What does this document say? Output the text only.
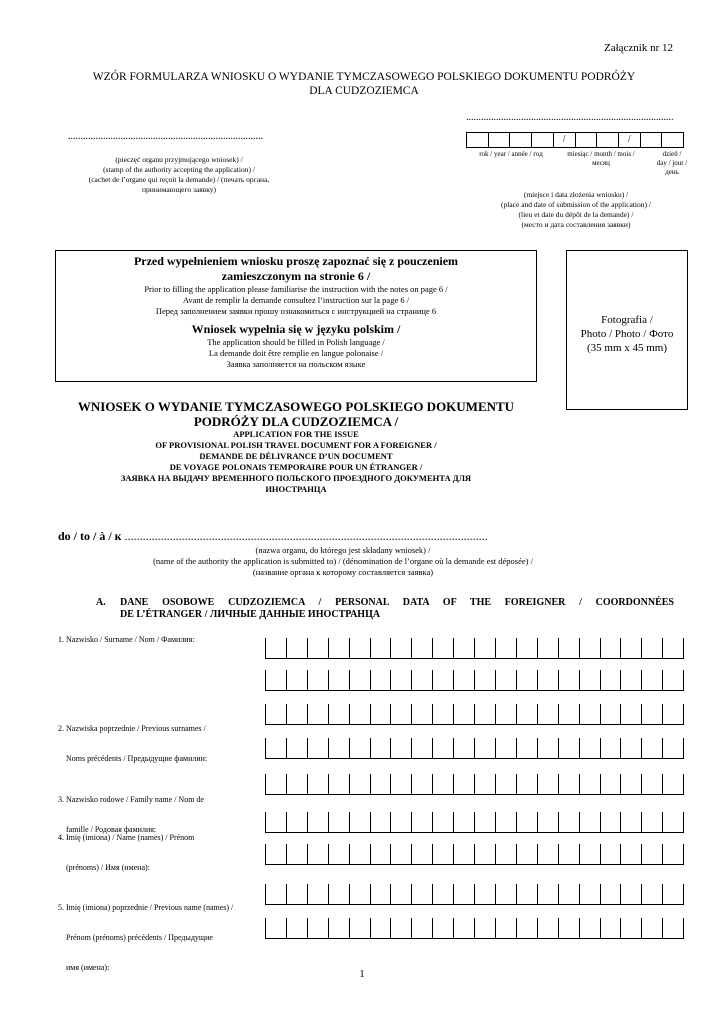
Załącznik nr 12
WZÓR FORMULARZA WNIOSKU O WYDANIE TYMCZASOWEGO POLSKIEGO DOKUMENTU PODRÓŻY
DLA CUDZOZIEMCA
..............................................................................
(pieczęć organu przyjmującego wniosek) /
(stamp of the authority accepting the application) /
(cachet de l’organe qui reçoit la demande) / (печать органа,
принимающего заявку)
...................................................................................
/	/
rok / year / année / год	miesiąc / month / mois /
месяц
dzień /
day / jour /
день
(miejsce i data złożenia wniosku) /
(place and date of submission of the application) /
(lieu et date du dépôt de la demande) /
(место и дата составления заявки)
Przed wypełnieniem wniosku proszę zapoznać się z pouczeniem
zamieszczonym na stronie 6 /
Prior to filling the application please familiarise the instruction with the notes on page 6 /
Avant de remplir la demande consultez l’instruction sur la page 6 /
Перед заполнением заявки прошу ознакомиться с инструкцией на странице 6
Wniosek wypełnia się w języku polskim /
The application should be filled in Polish language /
La demande doit être remplie en langue polonaise /
Заявка заполняется на польском языке
Fotografia /
Photo / Photo / Фото
(35 mm x 45 mm)
WNIOSEK O WYDANIE TYMCZASOWEGO POLSKIEGO DOKUMENTU
PODRÓŻY DLA CUDZOZIEMCA /
APPLICATION FOR THE ISSUE
OF PROVISIONAL POLISH TRAVEL DOCUMENT FOR A FOREIGNER /
DEMANDE DE DÉLIVRANCE D’UN DOCUMENT
DE VOYAGE POLONAIS TEMPORAIRE POUR UN ÉTRANGER /
ЗАЯВКА НА ВЫДАЧУ ВРЕМЕННОГО ПОЛЬСКОГО ПРОЕЗДНОГО ДОКУМЕНТА ДЛЯ
ИНОСТРАНЦА
do / to / à / к .........................................................................................................................
(nazwa organu, do którego jest składany wniosek) /
(name of the authority the application is submitted to) / (dénomination de l’organe où la demande est déposée) /
(название органа к которому составляется заявка)
A.	DANE OSOBOWE CUDZOZIEMCA / PERSONAL DATA OF THE FOREIGNER / COORDONNÉES
DE L’ÉTRANGER / ЛИЧНЫЕ ДАННЫЕ ИНОСТРАНЦА
1. Nazwisko / Surname / Nom / Фамилия:

2. Nazwiska poprzednie / Previous surnames /

Noms précédents / Предыдущие фамилии:

3. Nazwisko rodowe / Family name / Nom de

famille / Родовая фамилия:

4. Imię (imiona) / Name (names) / Prénom

(prénoms) / Имя (имена):

5. Imię (imiona) poprzednie / Previous name (names) /

Prénom (prénoms) précédents / Предыдущие

имя (имена):

1
